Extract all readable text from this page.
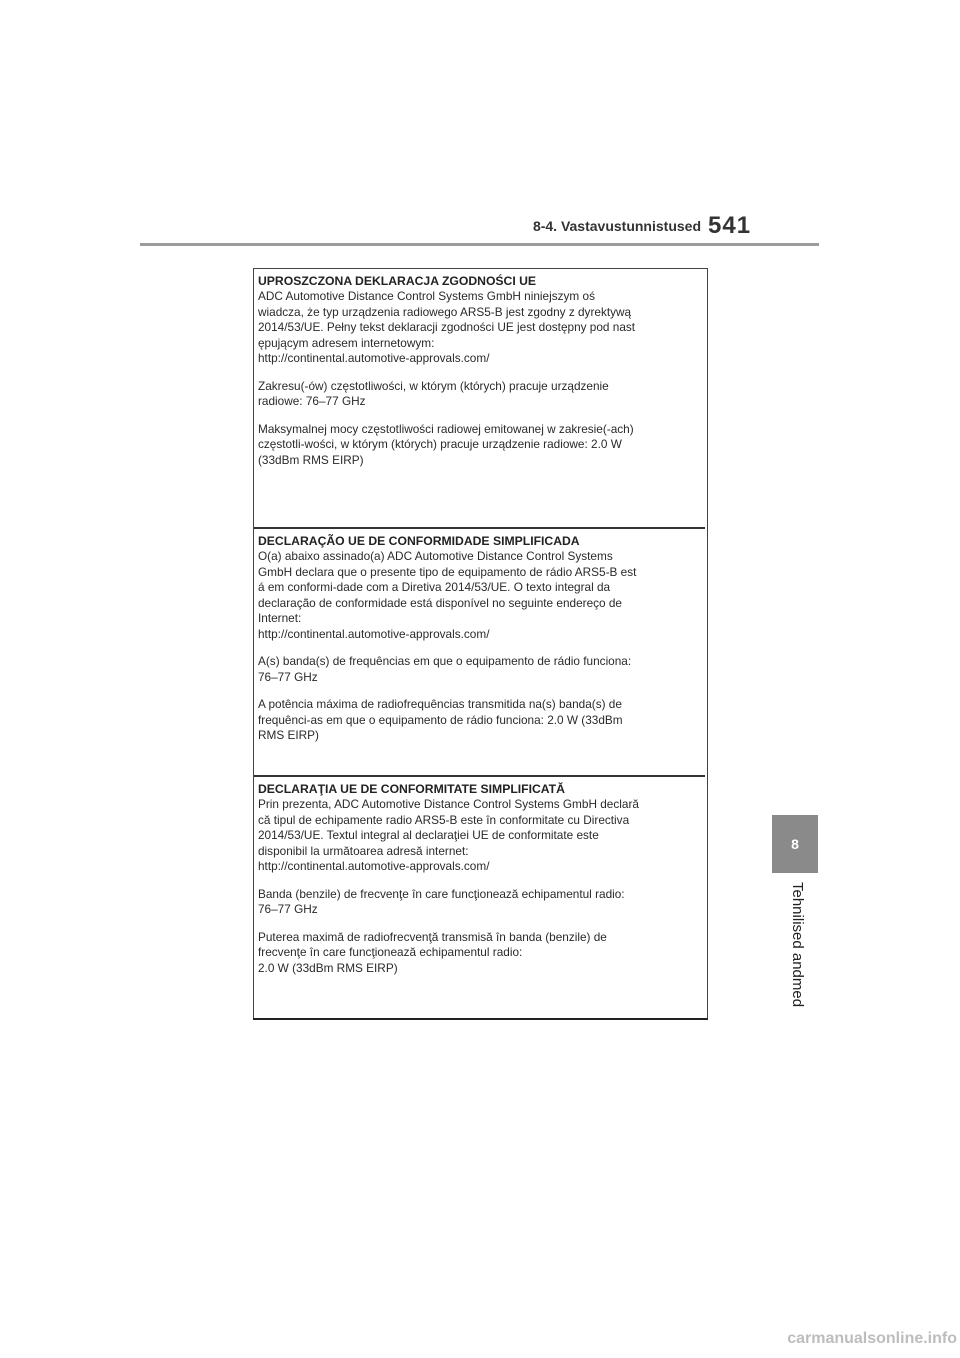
8-4. Vastavustunnistused 541
8
Tehnilised andmed
UPROSZCZONA DEKLARACJA ZGODNOŚCI UE

ADC Automotive Distance Control Systems GmbH niniejszym oś
wiadcza, że typ urządzenia radiowego ARS5-B jest zgodny z dyrektywą
2014/53/UE. Pełny tekst deklaracji zgodności UE jest dostępny pod nast
ępującym adresem internetowym:
http://continental.automotive-approvals.com/

Zakresu(-ów) częstotliwości, w którym (których) pracuje urządzenie
radiowe: 76–77 GHz

Maksymalnej mocy częstotliwości radiowej emitowanej w zakresie(-ach)
częstotli-wości, w którym (których) pracuje urządzenie radiowe: 2.0 W
(33dBm RMS EIRP)

DECLARAÇÃO UE DE CONFORMIDADE SIMPLIFICADA

O(a) abaixo assinado(a) ADC Automotive Distance Control Systems
GmbH declara que o presente tipo de equipamento de rádio ARS5-B est
á em conformi-dade com a Diretiva 2014/53/UE. O texto integral da
declaração de conformidade está disponível no seguinte endereço de
Internet:
http://continental.automotive-approvals.com/

A(s) banda(s) de frequências em que o equipamento de rádio funciona:
76–77 GHz

A potência máxima de radiofrequências transmitida na(s) banda(s) de
frequênci-as em que o equipamento de rádio funciona: 2.0 W (33dBm
RMS EIRP)

DECLARAŢIA UE DE CONFORMITATE SIMPLIFICATĂ

Prin prezenta, ADC Automotive Distance Control Systems GmbH declară
că tipul de echipamente radio ARS5-B este în conformitate cu Directiva
2014/53/UE. Textul integral al declaraţiei UE de conformitate este
disponibil la următoarea adresă internet:
http://continental.automotive-approvals.com/

Banda (benzile) de frecvenţe în care funcţionează echipamentul radio:
76–77 GHz

Puterea maximă de radiofrecvenţă transmisă în banda (benzile) de
frecvenţe în care funcţionează echipamentul radio:
2.0 W (33dBm RMS EIRP)

carmanualsonline.info
